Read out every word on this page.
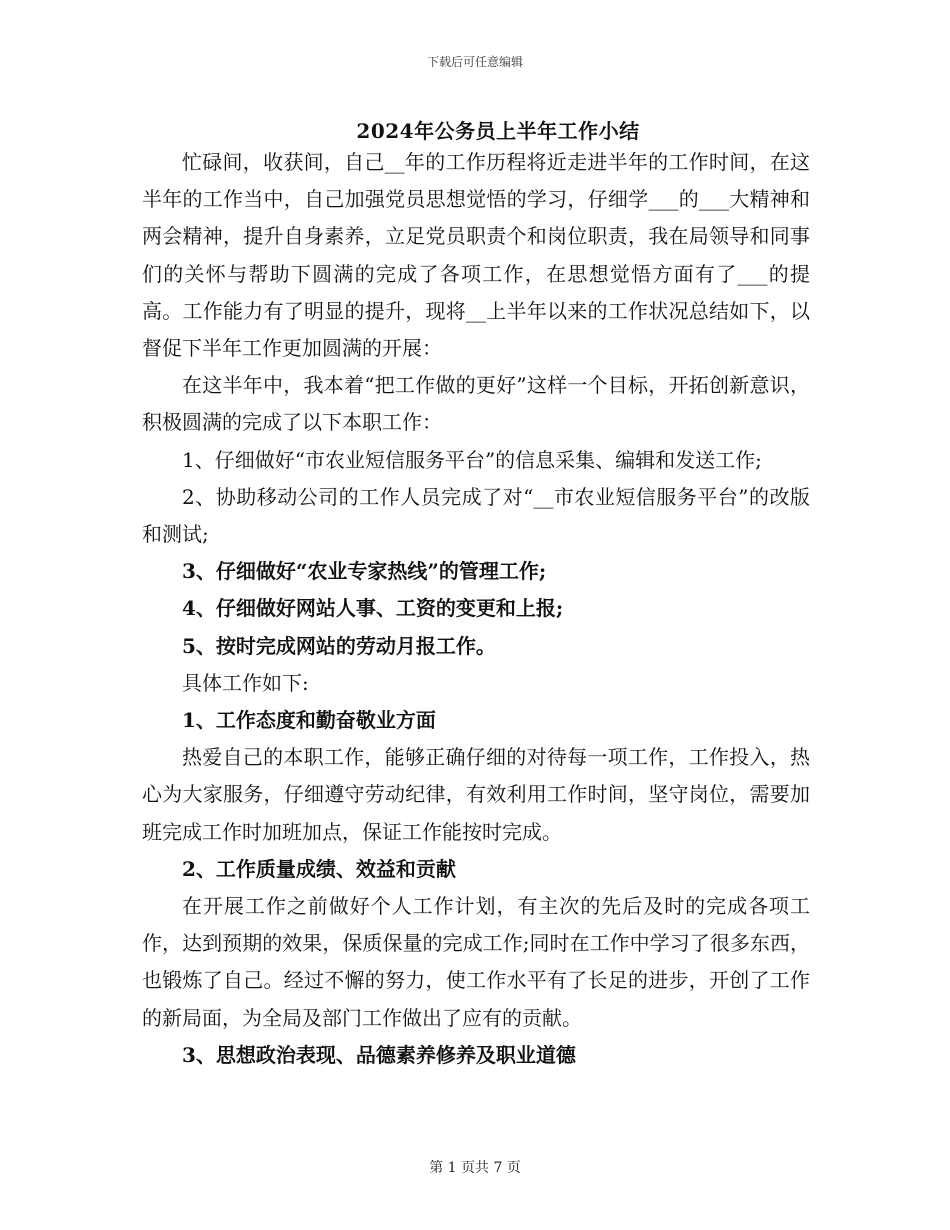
下载后可任意编辑
2024年公务员上半年工作小结

忙碌间，收获间，自己__年的工作历程将近走进半年的工作时间，在这半年的工作当中，自己加强党员思想觉悟的学习，仔细学___的___大精神和两会精神，提升自身素养，立足党员职责个和岗位职责，我在局领导和同事们的关怀与帮助下圆满的完成了各项工作，在思想觉悟方面有了___的提高。工作能力有了明显的提升，现将__上半年以来的工作状况总结如下，以督促下半年工作更加圆满的开展：

在这半年中，我本着“把工作做的更好”这样一个目标，开拓创新意识，积极圆满的完成了以下本职工作：

1、仔细做好“市农业短信服务平台”的信息采集、编辑和发送工作;

2、协助移动公司的工作人员完成了对“__市农业短信服务平台”的改版和测试;

3、仔细做好“农业专家热线”的管理工作;

4、仔细做好网站人事、工资的变更和上报;

5、按时完成网站的劳动月报工作。

具体工作如下:

1、工作态度和勤奋敬业方面

热爱自己的本职工作，能够正确仔细的对待每一项工作，工作投入，热心为大家服务，仔细遵守劳动纪律，有效利用工作时间，坚守岗位，需要加班完成工作时加班加点，保证工作能按时完成。

2、工作质量成绩、效益和贡献

在开展工作之前做好个人工作计划，有主次的先后及时的完成各项工作，达到预期的效果，保质保量的完成工作;同时在工作中学习了很多东西，也锻炼了自己。经过不懈的努力，使工作水平有了长足的进步，开创了工作的新局面，为全局及部门工作做出了应有的贡献。

3、思想政治表现、品德素养修养及职业道德

第 1 页共 7 页
